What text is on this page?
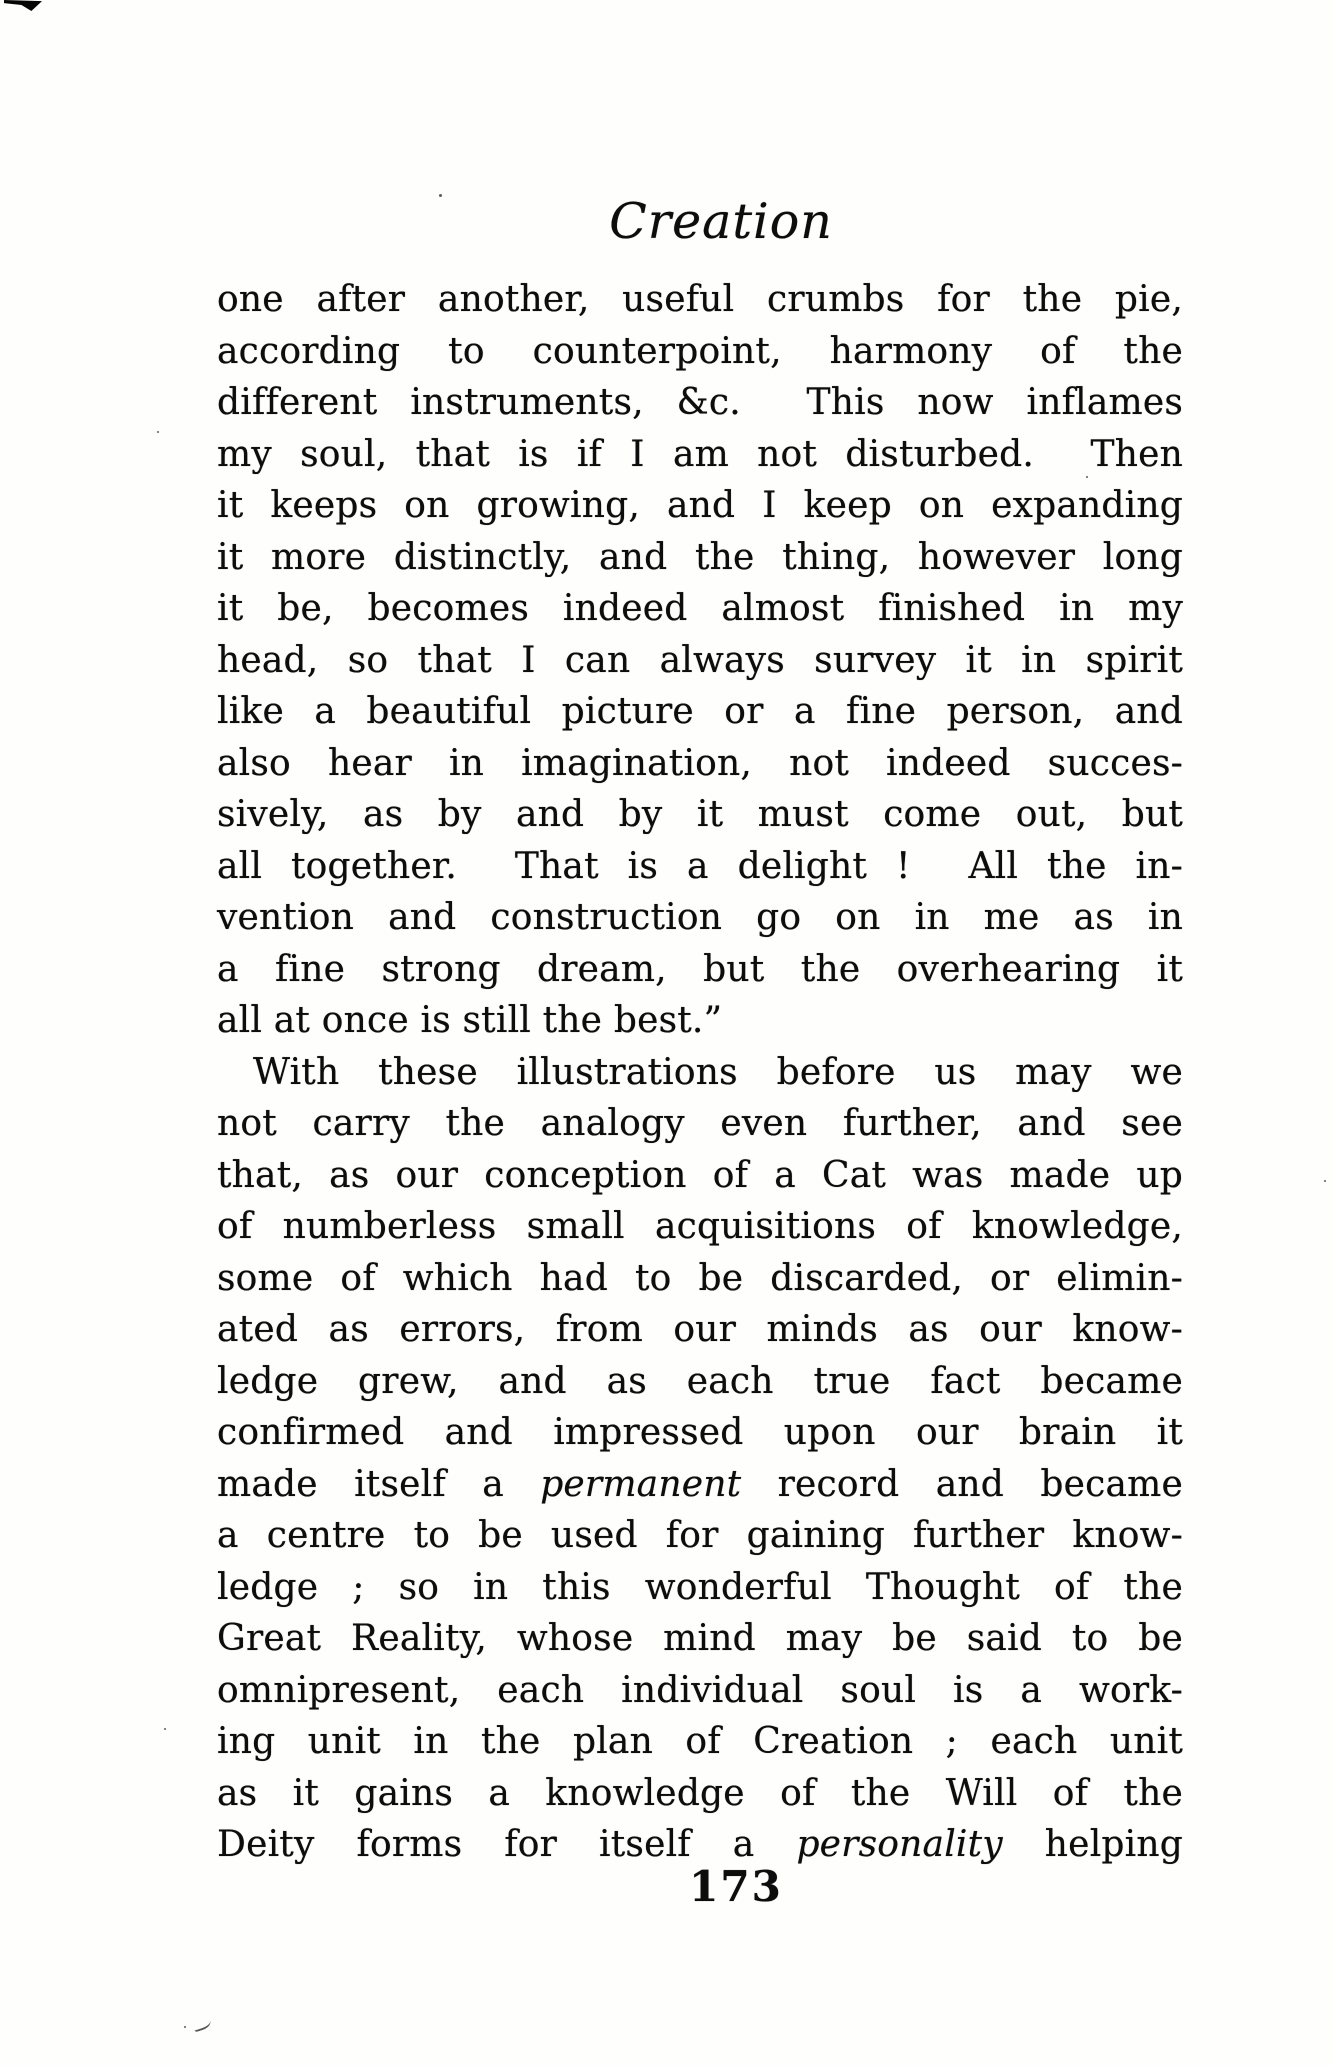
Creation
one after another, useful crumbs for the pie,
according to counterpoint, harmony of the
different instruments, &c.  This now inflames
my soul, that is if I am not disturbed.  Then
it keeps on growing, and I keep on expanding
it more distinctly, and the thing, however long
it be, becomes indeed almost finished in my
head, so that I can always survey it in spirit
like a beautiful picture or a fine person, and
also hear in imagination, not indeed succes-
sively, as by and by it must come out, but
all together.  That is a delight !  All the in-
vention and construction go on in me as in
a fine strong dream, but the overhearing it
all at once is still the best.”
With these illustrations before us may we
not carry the analogy even further, and see
that, as our conception of a Cat was made up
of numberless small acquisitions of knowledge,
some of which had to be discarded, or elimin-
ated as errors, from our minds as our know-
ledge grew, and as each true fact became
confirmed and impressed upon our brain it
made itself a permanent record and became
a centre to be used for gaining further know-
ledge ; so in this wonderful Thought of the
Great Reality, whose mind may be said to be
omnipresent, each individual soul is a work-
ing unit in the plan of Creation ; each unit
as it gains a knowledge of the Will of the
Deity forms for itself a personality helping
173
